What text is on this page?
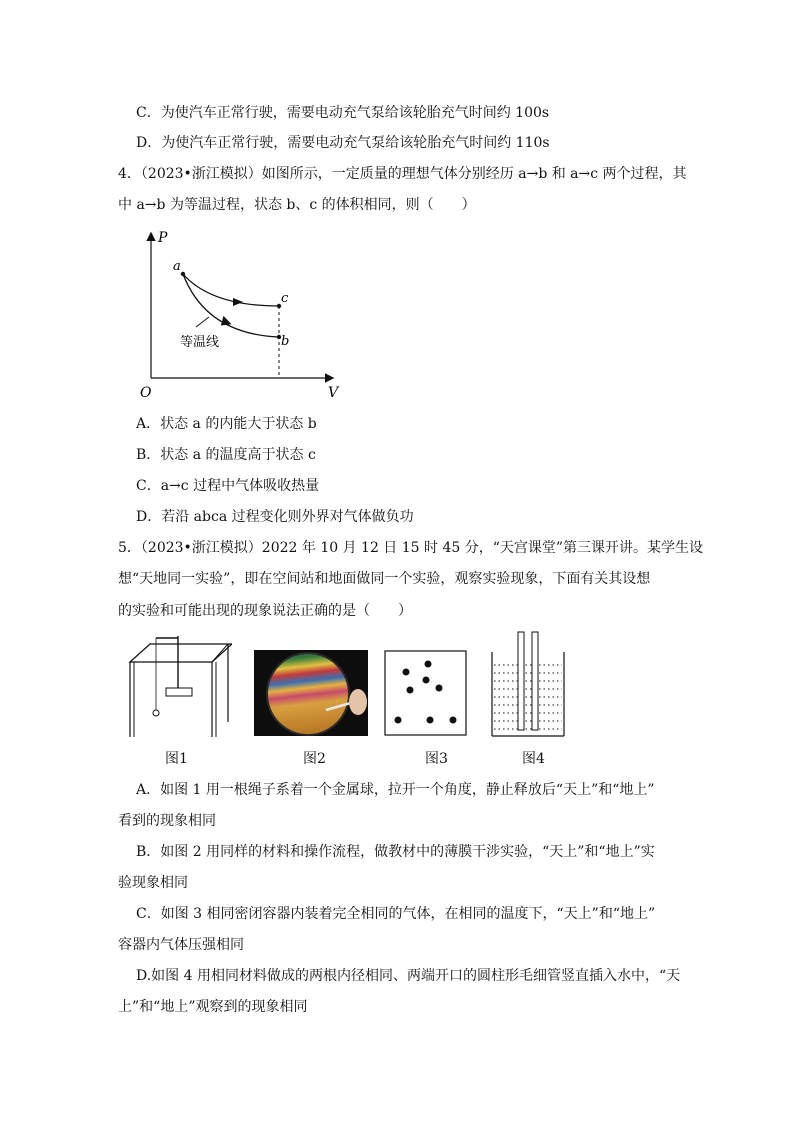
C．为使汽车正常行驶，需要电动充气泵给该轮胎充气时间约 100s
D．为使汽车正常行驶，需要电动充气泵给该轮胎充气时间约 110s
4．（2023•浙江模拟）如图所示，一定质量的理想气体分别经历 a→b 和 a→c 两个过程，其
中 a→b 为等温过程，状态 b、c 的体积相同，则（　　）
P
V
O
a
c
b
等温线
A．状态 a 的内能大于状态 b
B．状态 a 的温度高于状态 c
C．a→c 过程中气体吸收热量
D．若沿 abca 过程变化则外界对气体做负功
5．（2023•浙江模拟）2022 年 10 月 12 日 15 时 45 分，“天宫课堂”第三课开讲。某学生设
想“天地同一实验”，即在空间站和地面做同一个实验，观察实验现象，下面有关其设想
的实验和可能出现的现象说法正确的是（　　）
图1	图2	图3	图4
A．如图 1 用一根绳子系着一个金属球，拉开一个角度，静止释放后“天上”和“地上”
看到的现象相同
B．如图 2 用同样的材料和操作流程，做教材中的薄膜干涉实验，“天上”和“地上”实
验现象相同
C．如图 3 相同密闭容器内装着完全相同的气体，在相同的温度下，“天上”和“地上”
容器内气体压强相同
D.如图 4 用相同材料做成的两根内径相同、两端开口的圆柱形毛细管竖直插入水中，“天
上”和“地上”观察到的现象相同
